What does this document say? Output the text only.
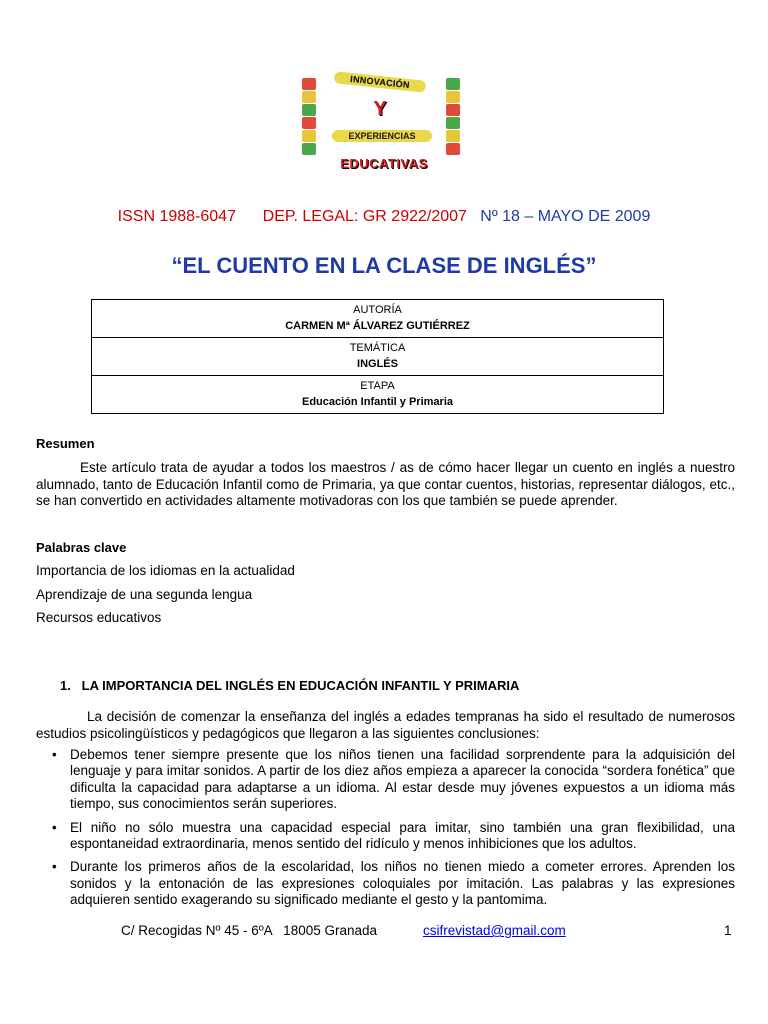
INNOVACIÓN
Y
EXPERIENCIAS
EDUCATIVAS
ISSN 1988-6047 DEP. LEGAL: GR 2922/2007 Nº 18 – MAYO DE 2009
“EL CUENTO EN LA CLASE DE INGLÉS”
AUTORÍA
CARMEN Mª ÁLVAREZ GUTIÉRREZ

TEMÁTICA
INGLÉS

ETAPA
Educación Infantil y Primaria
Resumen
Este artículo trata de ayudar a todos los maestros / as de cómo hacer llegar un cuento en inglés a nuestro alumnado, tanto de Educación Infantil como de Primaria, ya que contar cuentos, historias, representar diálogos, etc., se han convertido en actividades altamente motivadoras con los que también se puede aprender.
Palabras clave
Importancia de los idiomas en la actualidad
Aprendizaje de una segunda lengua
Recursos educativos
1.   LA IMPORTANCIA DEL INGLÉS EN EDUCACIÓN INFANTIL Y PRIMARIA
La decisión de comenzar la enseñanza del inglés a edades tempranas ha sido el resultado de numerosos estudios psicolingüísticos y pedagógicos que llegaron a las siguientes conclusiones:
• Debemos tener siempre presente que los niños tienen una facilidad sorprendente para la adquisición del lenguaje y para imitar sonidos. A partir de los diez años empieza a aparecer la conocida “sordera fonética” que dificulta la capacidad para adaptarse a un idioma. Al estar desde muy jóvenes expuestos a un idioma más tiempo, sus conocimientos serán superiores.
• El niño no sólo muestra una capacidad especial para imitar, sino también una gran flexibilidad, una espontaneidad extraordinaria, menos sentido del ridículo y menos inhibiciones que los adultos.
• Durante los primeros años de la escolaridad, los niños no tienen miedo a cometer errores. Aprenden los sonidos y la entonación de las expresiones coloquiales por imitación. Las palabras y las expresiones adquieren sentido exagerando su significado mediante el gesto y la pantomima.
C/ Recogidas Nº 45 - 6ºA   18005 Granada	csifrevistad@gmail.com	1
